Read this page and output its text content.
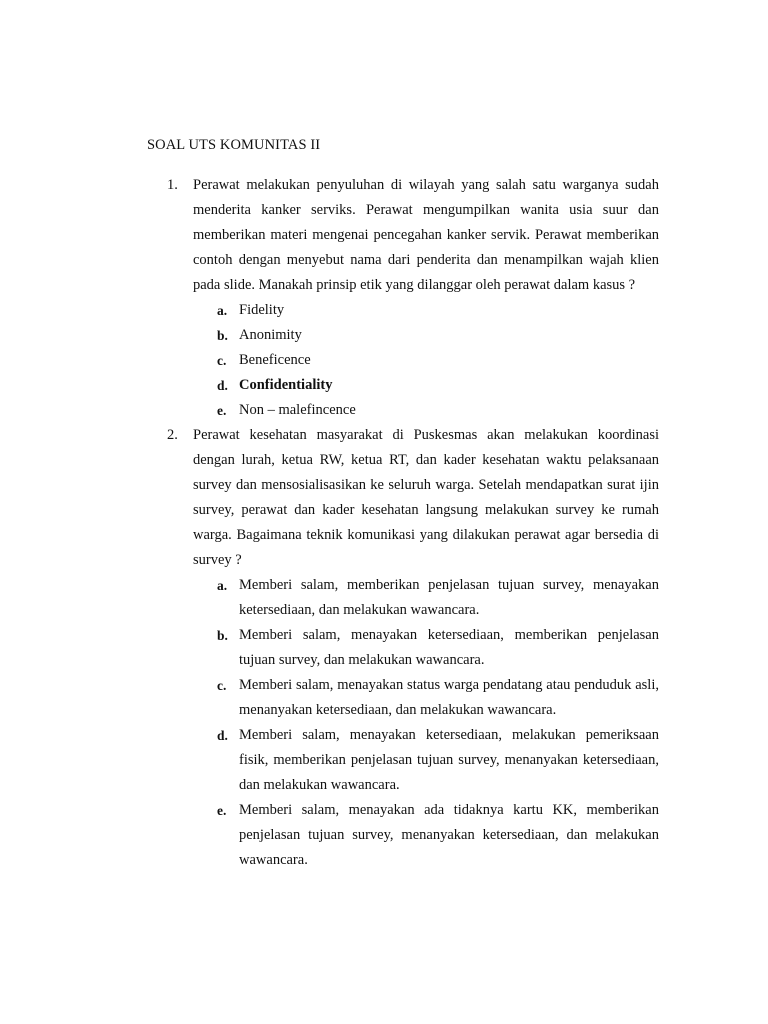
SOAL UTS KOMUNITAS II
1.	Perawat melakukan penyuluhan di wilayah yang salah satu warganya sudah menderita kanker serviks. Perawat mengumpilkan wanita usia suur dan memberikan materi mengenai pencegahan kanker servik. Perawat memberikan contoh dengan menyebut nama dari penderita dan menampilkan wajah klien pada slide. Manakah prinsip etik yang dilanggar oleh perawat dalam kasus ?

a. Fidelity
b. Anonimity
c. Beneficence
d. Confidentiality
e. Non – malefincence
2.	Perawat kesehatan masyarakat di Puskesmas akan melakukan koordinasi dengan lurah, ketua RW, ketua RT, dan kader kesehatan waktu pelaksanaan survey dan mensosialisasikan ke seluruh warga. Setelah mendapatkan surat ijin survey, perawat dan kader kesehatan langsung melakukan survey ke rumah warga. Bagaimana teknik komunikasi yang dilakukan perawat agar bersedia di survey ?

a. Memberi salam, memberikan penjelasan tujuan survey, menayakan ketersediaan, dan melakukan wawancara.
b. Memberi salam, menayakan ketersediaan, memberikan penjelasan tujuan survey, dan melakukan wawancara.
c. Memberi salam, menayakan status warga pendatang atau penduduk asli, menanyakan ketersediaan, dan melakukan wawancara.
d. Memberi salam, menayakan ketersediaan, melakukan pemeriksaan fisik, memberikan penjelasan tujuan survey, menanyakan ketersediaan, dan melakukan wawancara.
e. Memberi salam, menayakan ada tidaknya kartu KK, memberikan penjelasan tujuan survey, menanyakan ketersediaan, dan melakukan wawancara.
